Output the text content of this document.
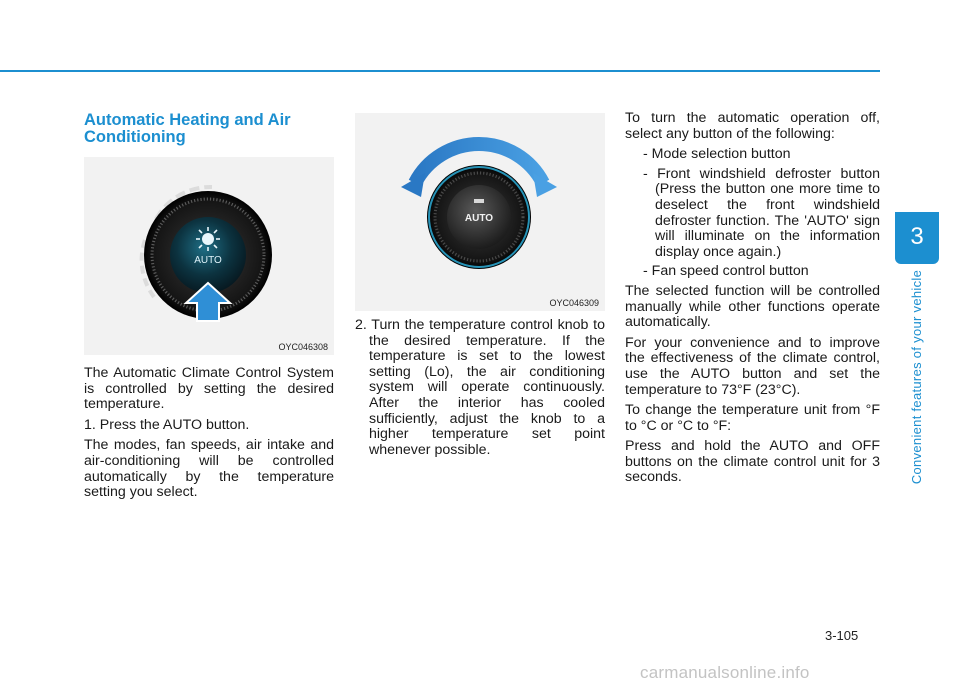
Automatic Heating and Air Conditioning
AUTO
OYC046308
AUTO
OYC046309

The Automatic Climate Control System is controlled by setting the desired temperature.

1. Press the AUTO button.

The modes, fan speeds, air intake and air-conditioning will be controlled automatically by the temperature setting you select.

2. Turn the temperature control knob to the desired temperature. If the temperature is set to the lowest setting (Lo), the air conditioning system will operate continuously. After the interior has cooled sufficiently, adjust the knob to a higher temperature set point whenever possible.

To turn the automatic operation off, select any button of the following:

- Mode selection button

- Front windshield defroster button (Press the button one more time to deselect the front windshield defroster function. The 'AUTO' sign will illuminate on the information display once again.)

- Fan speed control button

The selected function will be controlled manually while other functions operate automatically.

For your convenience and to improve the effectiveness of the climate control, use the AUTO button and set the temperature to 73°F (23°C).

To change the temperature unit from °F to °C or °C to °F:

Press and hold the AUTO and OFF buttons on the climate control unit for 3 seconds.

3
Convenient features of your vehicle
3-105
carmanualsonline.info
